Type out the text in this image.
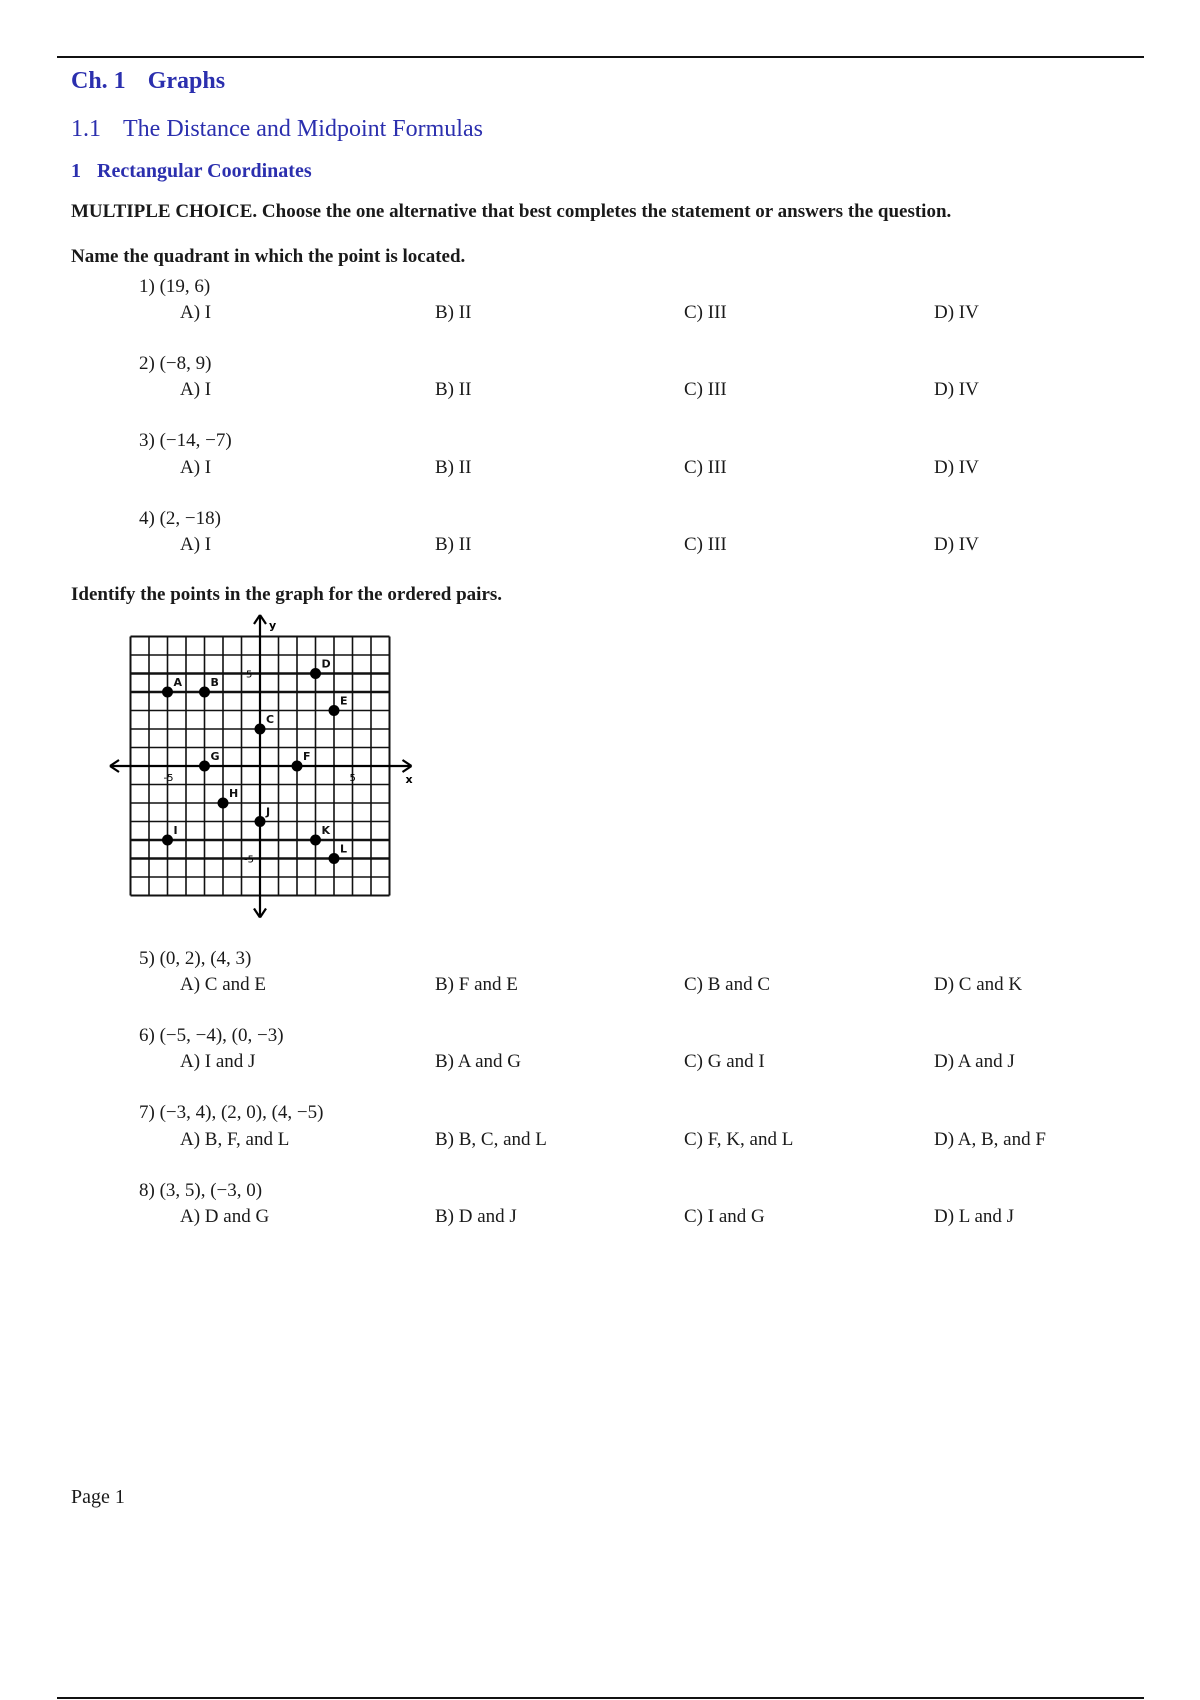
Ch. 1 Graphs
1.1 The Distance and Midpoint Formulas
1 Rectangular Coordinates
MULTIPLE CHOICE. Choose the one alternative that best completes the statement or answers the question.
Name the quadrant in which the point is located.
1) (19, 6)
A) I	B) II	C) III	D) IV
2) (−8, 9)
A) I	B) II	C) III	D) IV
3) (−14, −7)
A) I	B) II	C) III	D) IV
4) (2, −18)
A) I	B) II	C) III	D) IV
Identify the points in the graph for the ordered pairs.
x
y
-5	5
5
-5
A	B
C
D
E
F
G
H
I
J
K
L
5) (0, 2), (4, 3)
A) C and E	B) F and E	C) B and C	D) C and K
6) (−5, −4), (0, −3)
A) I and J	B) A and G	C) G and I	D) A and J
7) (−3, 4), (2, 0), (4, −5)
A) B, F, and L	B) B, C, and L	C) F, K, and L	D) A, B, and F
8) (3, 5), (−3, 0)
A) D and G	B) D and J	C) I and G	D) L and J
Page 1
